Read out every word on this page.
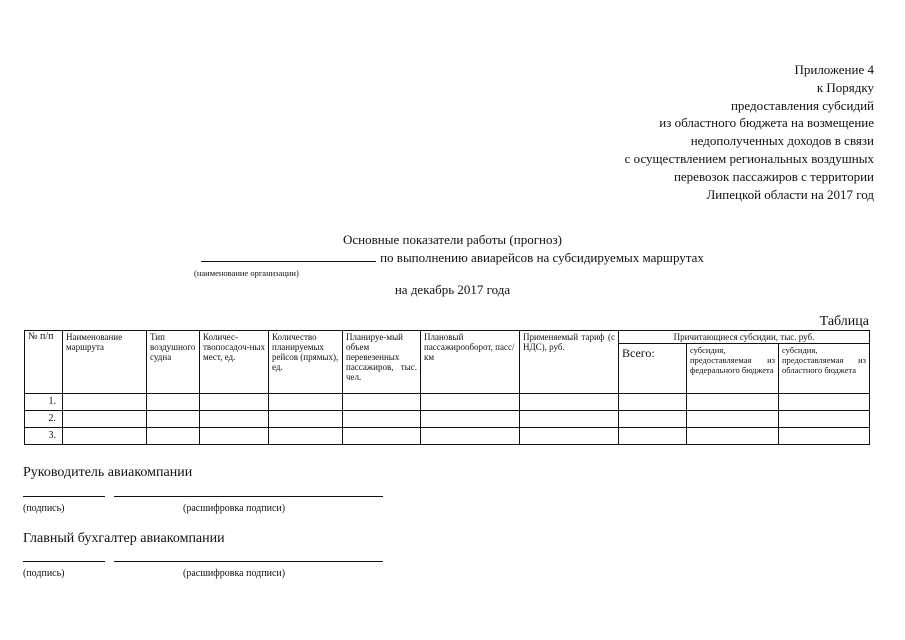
Приложение 4
к Порядку
предоставления субсидий
из областного бюджета на возмещение
недополученных доходов в связи
с осуществлением региональных воздушных
перевозок пассажиров с территории
Липецкой области на 2017 год
Основные показатели работы (прогноз)
по выполнению авиарейсов на субсидируемых маршрутах
(наименование организации)
на декабрь 2017 года
Таблица
№ п/п	Наименование маршрута	Тип воздушного судна	Количес-твопосадоч-ных мест, ед.	Количество планируемых рейсов (прямых), ед.	Планируе-мый объем перевезенных пассажиров, тыс. чел.	Плановый пассажирооборот, пасс/км	Применяемый тариф (с НДС), руб.	Причитающиеся субсидии, тыс. руб.		
								Всего:	субсидия, предоставляемая из федерального бюджета	субсидия, предоставляемая из областного бюджета
1.										
2.										
3.										
Руководитель авиакомпании
(подпись)	(расшифровка подписи)
Главный бухгалтер авиакомпании
(подпись)	(расшифровка подписи)
